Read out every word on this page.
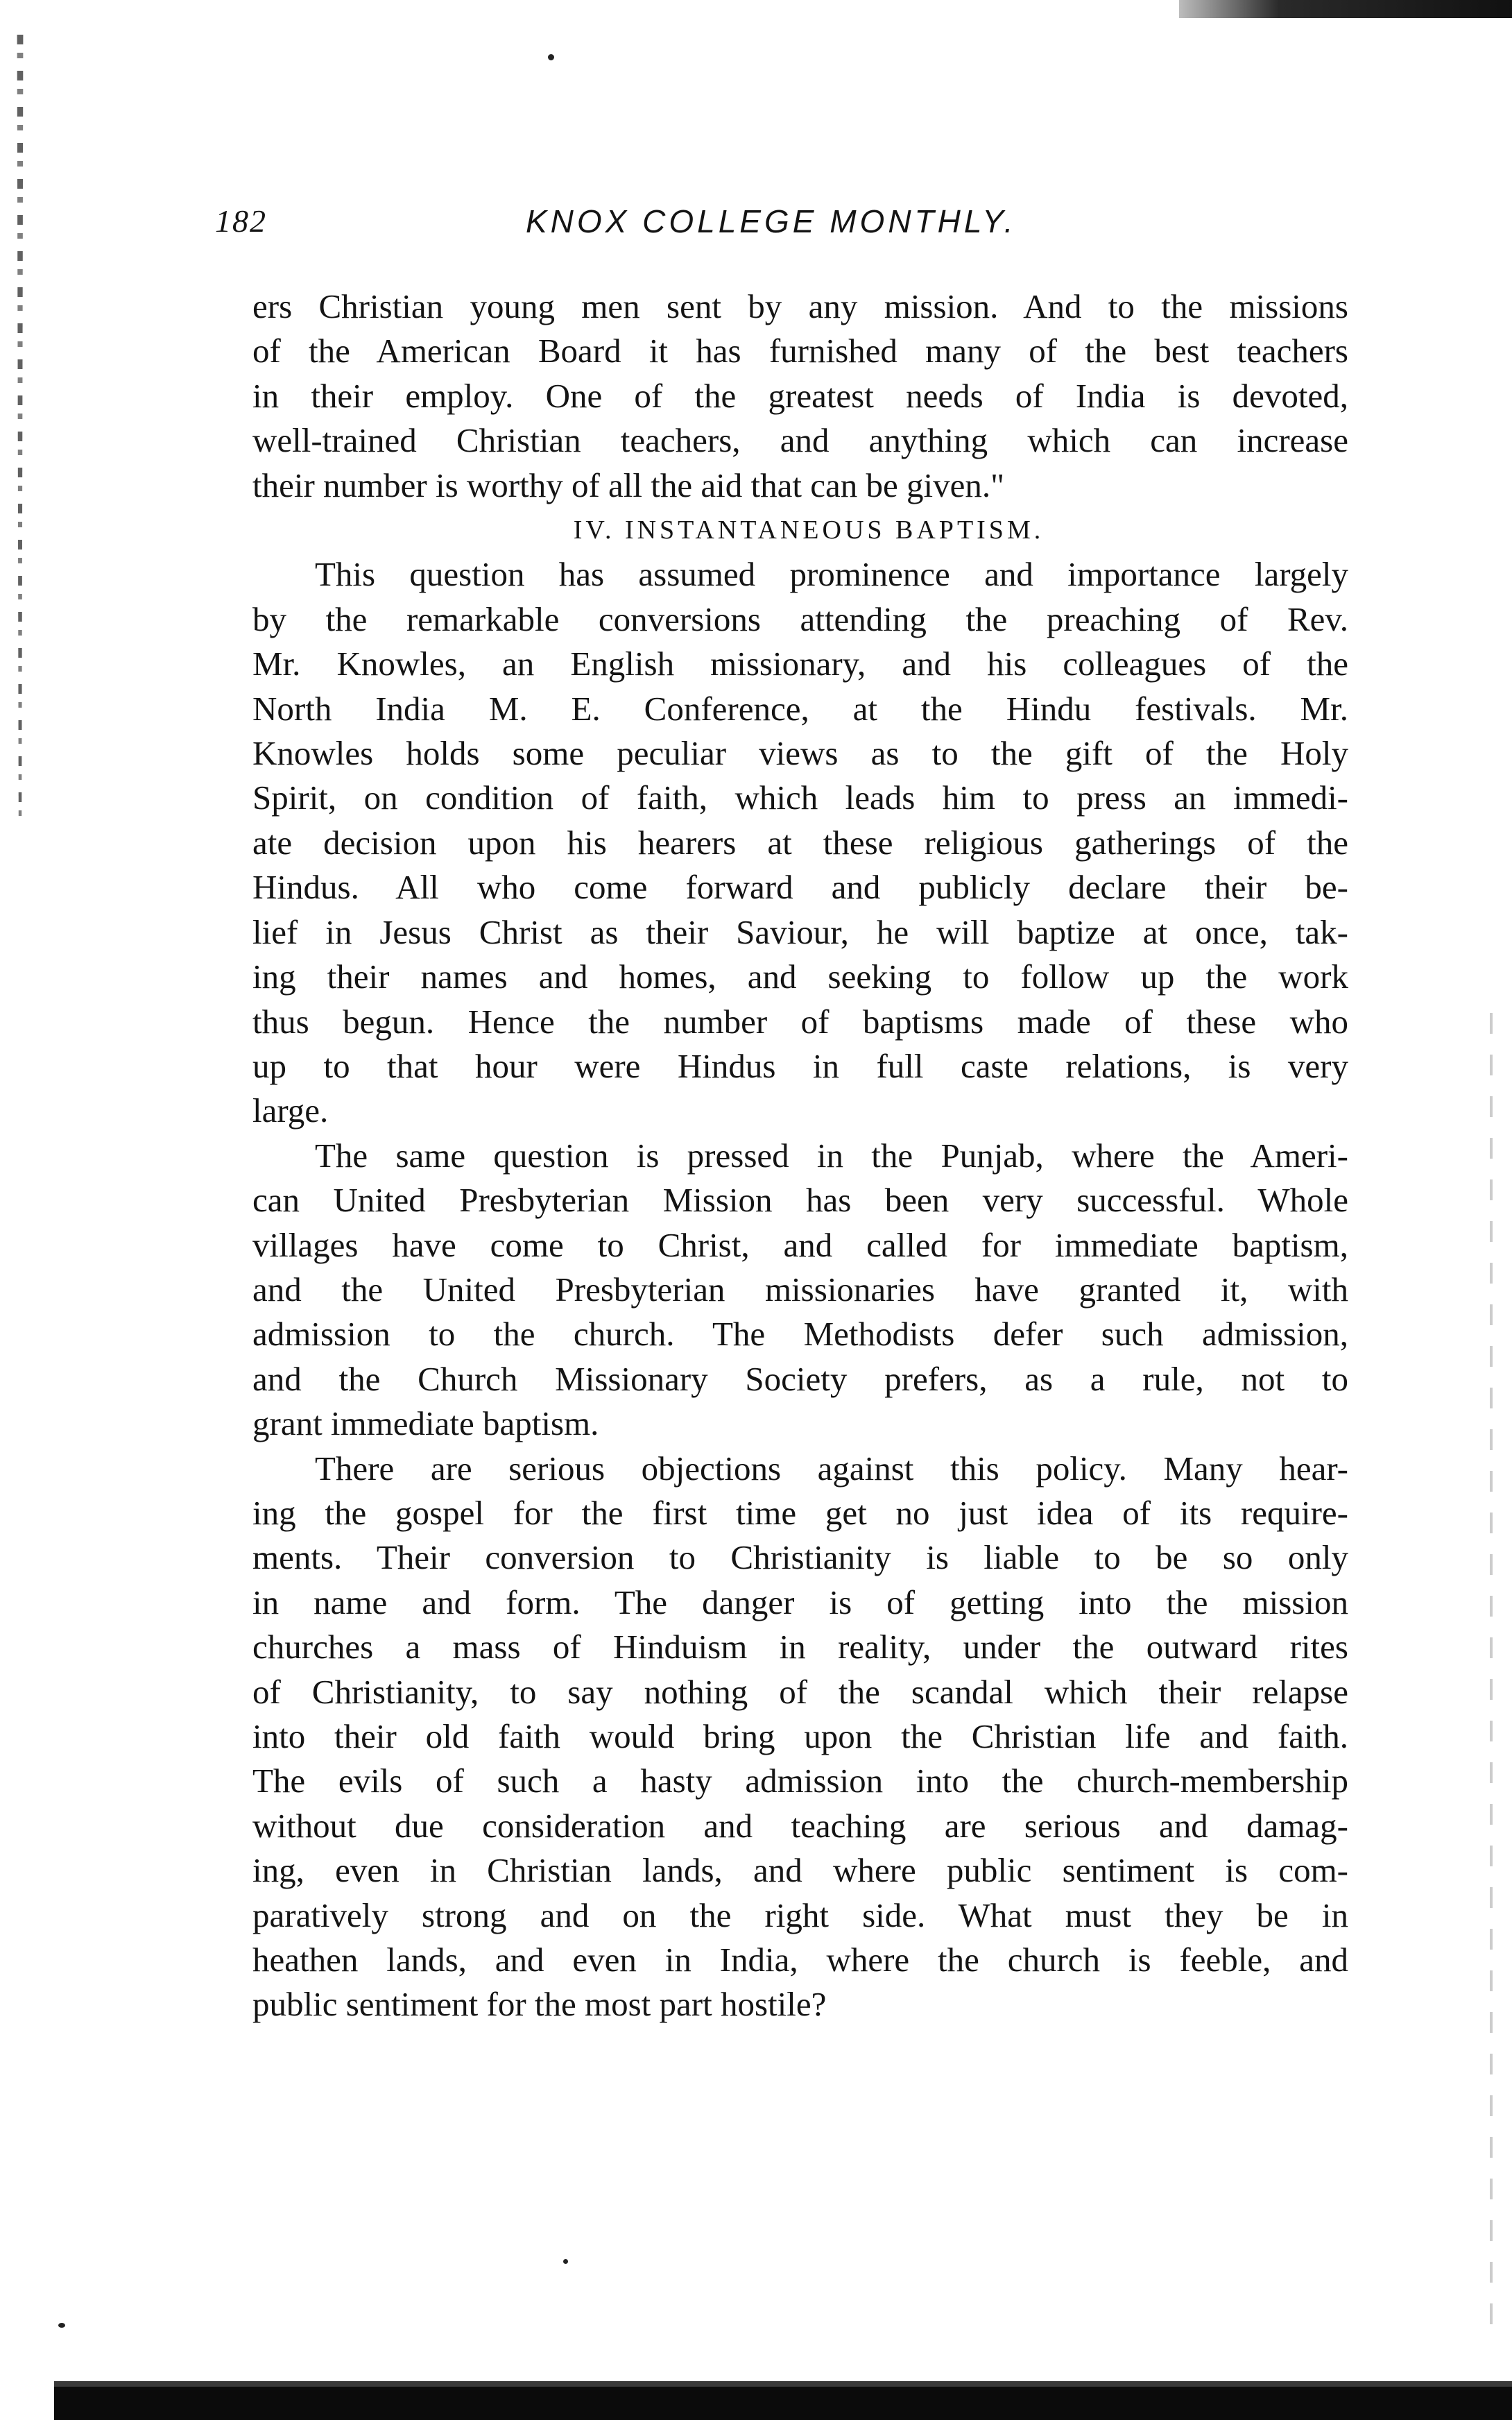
182	KNOX COLLEGE MONTHLY.
ers Christian young men sent by any mission. And to the missions
of the American Board it has furnished many of the best teachers
in their employ. One of the greatest needs of India is devoted,
well-trained Christian teachers, and anything which can increase
their number is worthy of all the aid that can be given."
IV. INSTANTANEOUS BAPTISM.
This question has assumed prominence and importance largely
by the remarkable conversions attending the preaching of Rev.
Mr. Knowles, an English missionary, and his colleagues of the
North India M. E. Conference, at the Hindu festivals. Mr.
Knowles holds some peculiar views as to the gift of the Holy
Spirit, on condition of faith, which leads him to press an immedi-
ate decision upon his hearers at these religious gatherings of the
Hindus. All who come forward and publicly declare their be-
lief in Jesus Christ as their Saviour, he will baptize at once, tak-
ing their names and homes, and seeking to follow up the work
thus begun. Hence the number of baptisms made of these who
up to that hour were Hindus in full caste relations, is very
large.
The same question is pressed in the Punjab, where the Ameri-
can United Presbyterian Mission has been very successful. Whole
villages have come to Christ, and called for immediate baptism,
and the United Presbyterian missionaries have granted it, with
admission to the church. The Methodists defer such admission,
and the Church Missionary Society prefers, as a rule, not to
grant immediate baptism.
There are serious objections against this policy. Many hear-
ing the gospel for the first time get no just idea of its require-
ments. Their conversion to Christianity is liable to be so only
in name and form. The danger is of getting into the mission
churches a mass of Hinduism in reality, under the outward rites
of Christianity, to say nothing of the scandal which their relapse
into their old faith would bring upon the Christian life and faith.
The evils of such a hasty admission into the church-membership
without due consideration and teaching are serious and damag-
ing, even in Christian lands, and where public sentiment is com-
paratively strong and on the right side. What must they be in
heathen lands, and even in India, where the church is feeble, and
public sentiment for the most part hostile?
